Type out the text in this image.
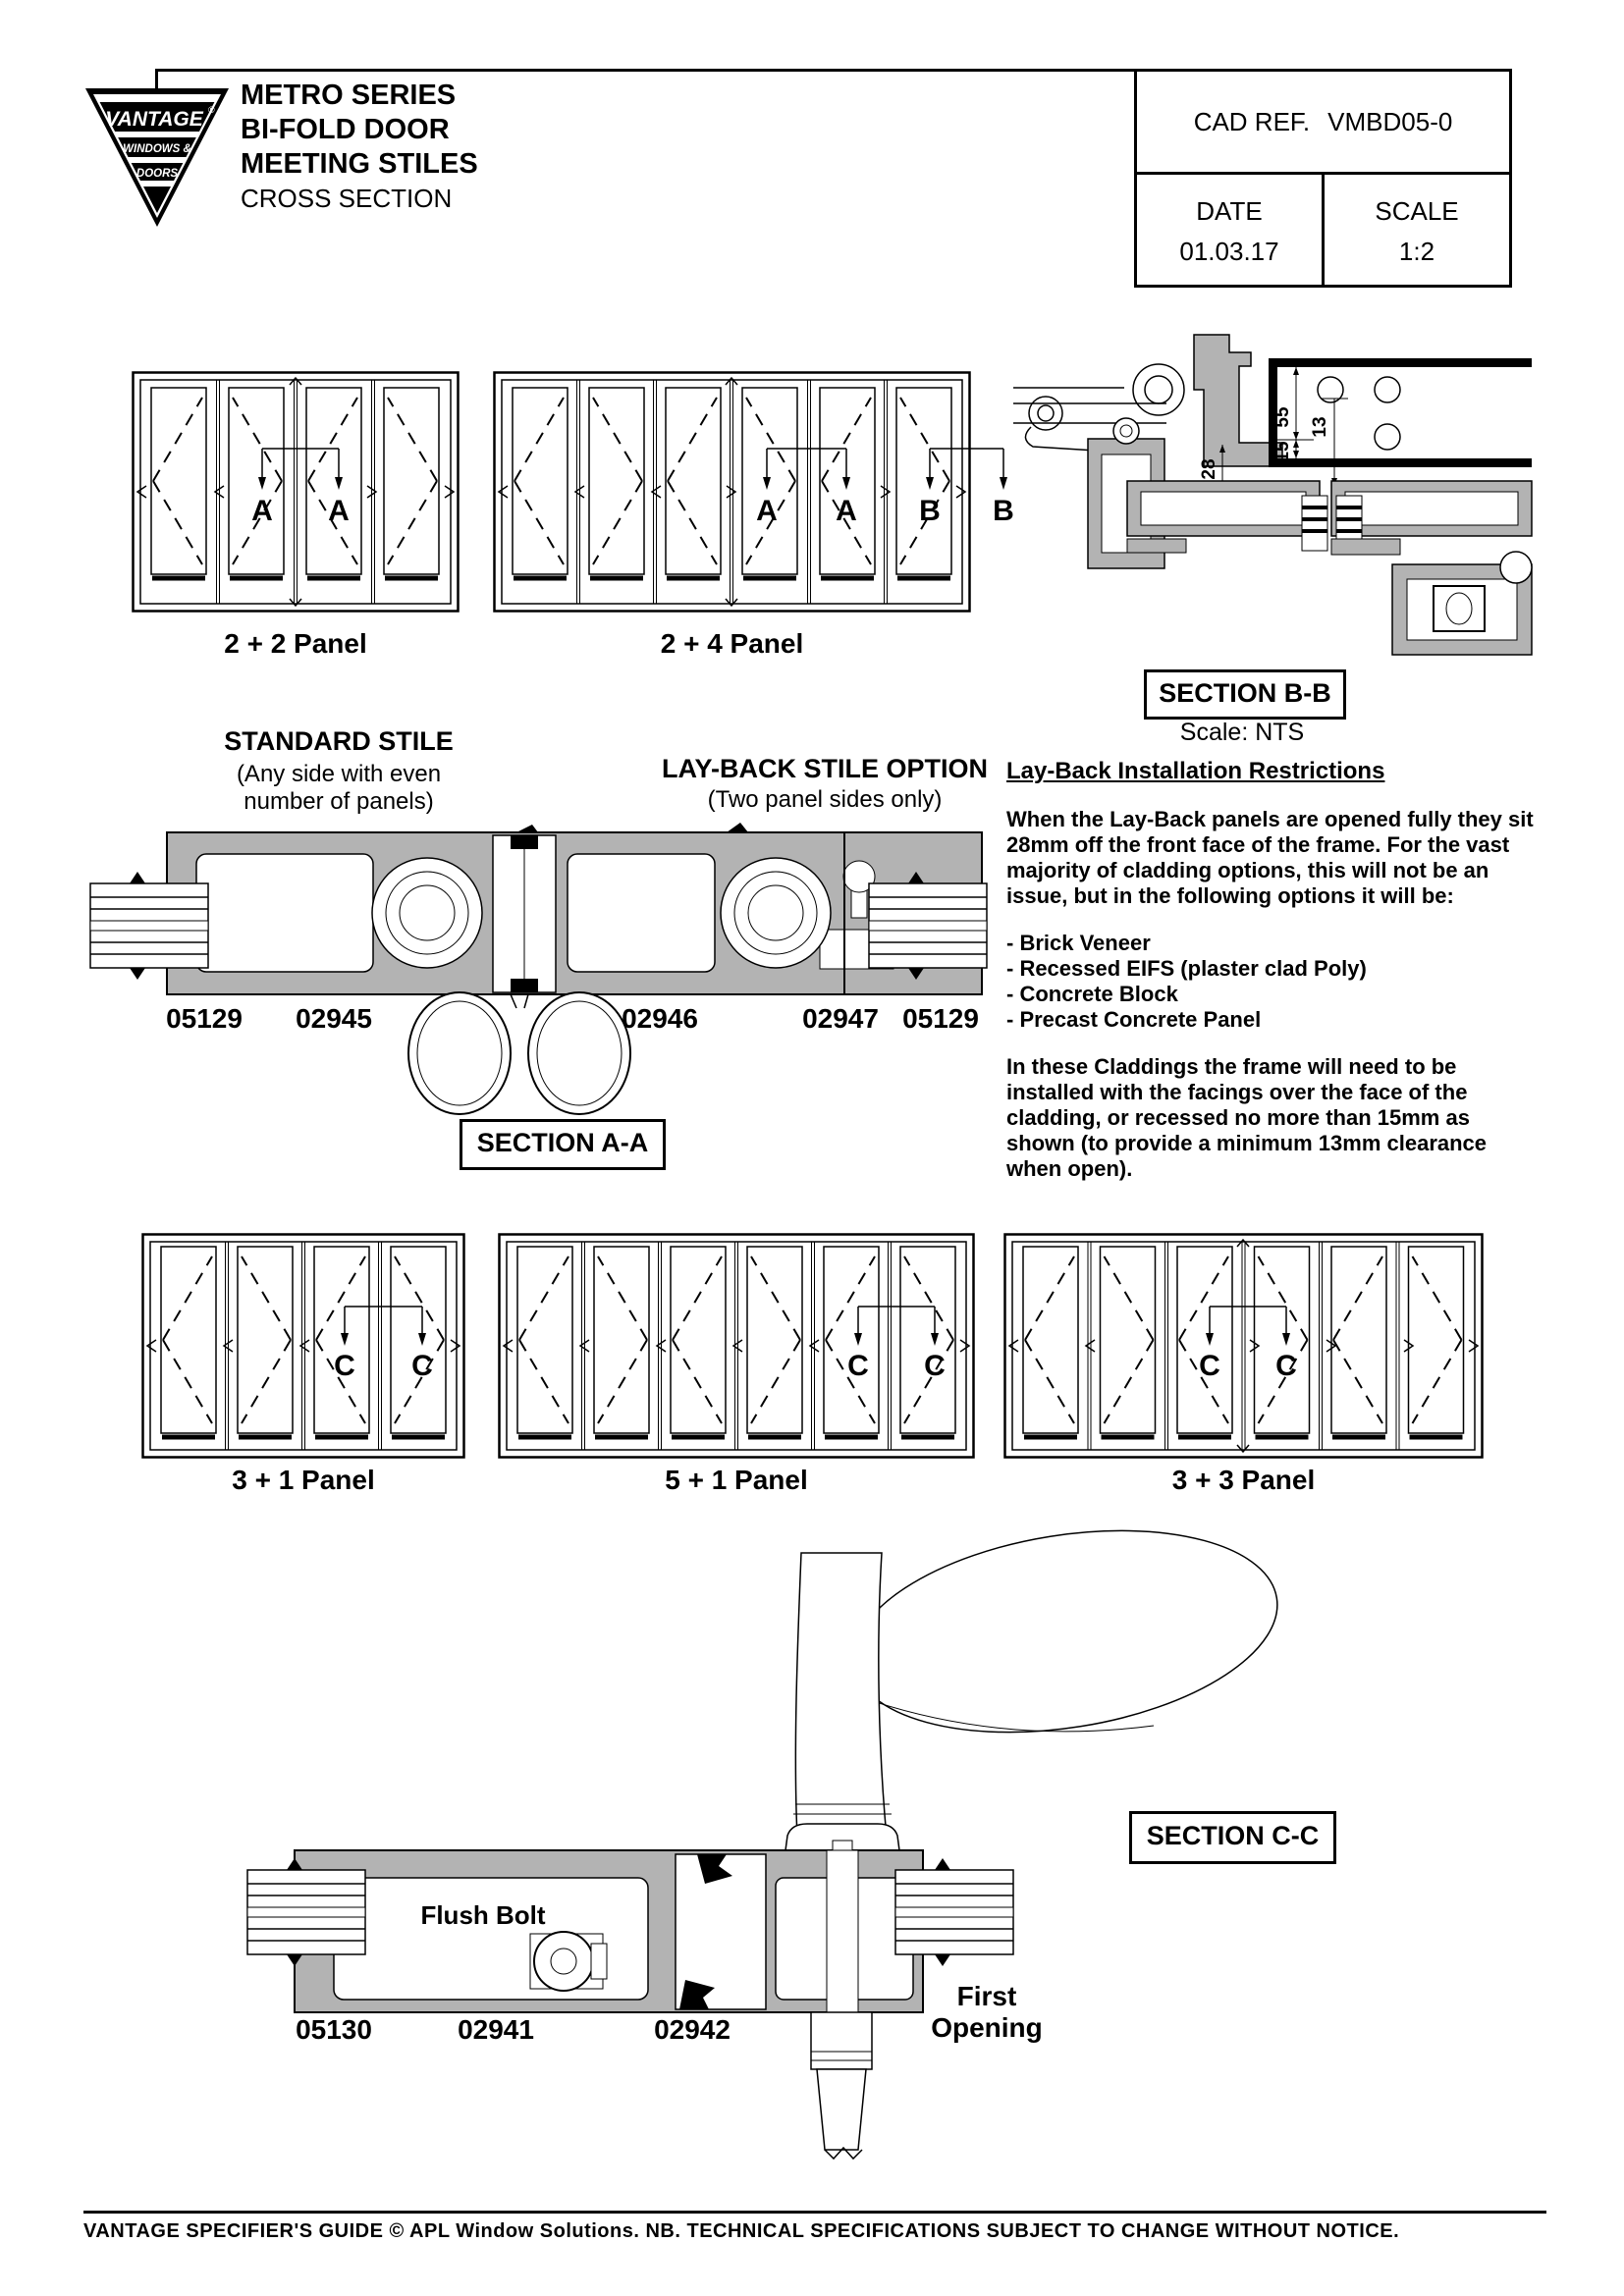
VANTAGE ®
WINDOWS &
DOORS
METRO SERIES
BI-FOLD DOOR
MEETING STILES
CROSS SECTION
CAD REF. VMBD05-0
DATE
01.03.17
SCALE
1:2
A A
2 + 2 Panel
A A B B
2 + 4 Panel
55
15
13
28
SECTION B-B
Scale: NTS
STANDARD STILE
(Any side with even
number of panels)
LAY-BACK STILE OPTION
(Two panel sides only)
05129	02945	02946	02947 05129
SECTION A-A
Lay-Back Installation Restrictions
When the Lay-Back panels are opened fully they sit 28mm off the front face of the frame. For the vast majority of cladding options, this will not be an issue, but in the following options it will be:
- Brick Veneer
- Recessed EIFS (plaster clad Poly)
- Concrete Block
- Precast Concrete Panel
In these Claddings the frame will need to be installed with the facings over the face of the cladding, or recessed no more than 15mm as shown (to provide a minimum 13mm clearance when open).
C C
3 + 1 Panel
C C
5 + 1 Panel
C C
3 + 3 Panel
Flush Bolt
05130	02941	02942
First
Opening
SECTION C-C
VANTAGE SPECIFIER'S GUIDE © APL Window Solutions. NB. TECHNICAL SPECIFICATIONS SUBJECT TO CHANGE WITHOUT NOTICE.
